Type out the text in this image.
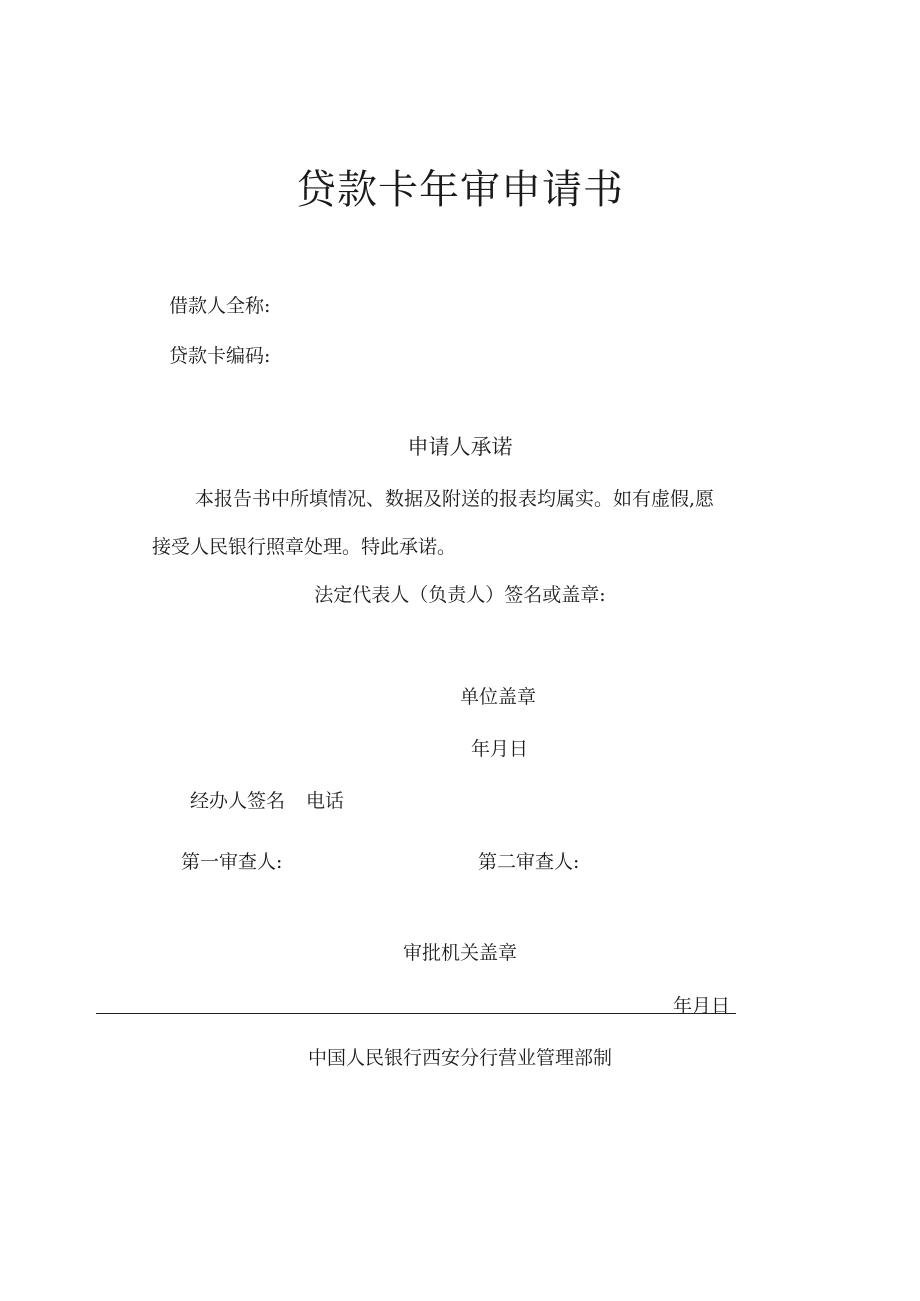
贷款卡年审申请书
借款人全称:
贷款卡编码:
申请人承诺
本报告书中所填情况、数据及附送的报表均属实。如有虚假,愿
接受人民银行照章处理。特此承诺。
法定代表人（负责人）签名或盖章:
单位盖章
年月日
经办人签名 电话
第一审查人:	第二审查人:
审批机关盖章
年月日
中国人民银行西安分行营业管理部制
